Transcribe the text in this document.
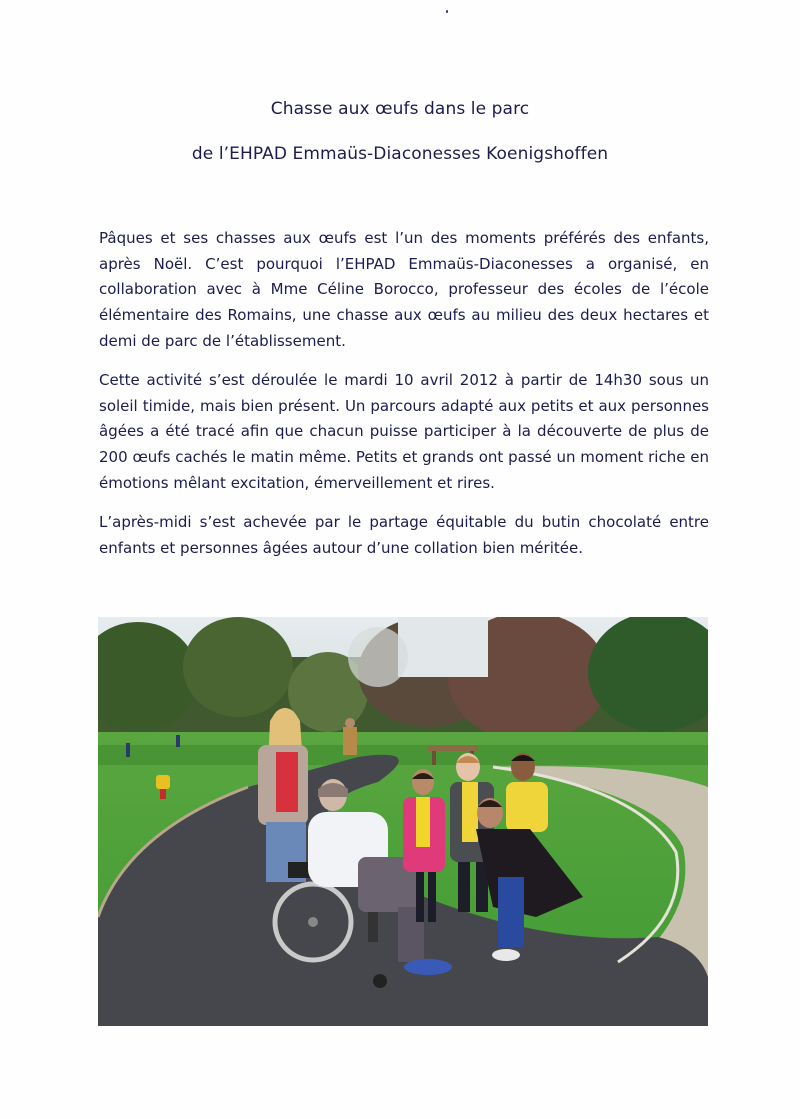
Chasse aux œufs dans le parc
de l’EHPAD Emmaüs-Diaconesses Koenigshoffen

Pâques et ses chasses aux œufs est l’un des moments préférés des enfants, après Noël. C’est pourquoi l’EHPAD Emmaüs-Diaconesses a organisé, en collaboration avec à Mme Céline Borocco, professeur des écoles de l’école élémentaire des Romains, une chasse aux œufs au milieu des deux hectares et demi de parc de l’établissement.

Cette activité s’est déroulée le mardi 10 avril 2012 à partir de 14h30 sous un soleil timide, mais bien présent. Un parcours adapté aux petits et aux personnes âgées a été tracé afin que chacun puisse participer à la découverte de plus de 200 œufs cachés le matin même. Petits et grands ont passé un moment riche en émotions mêlant excitation, émerveillement et rires.

L’après-midi s’est achevée par le partage équitable du butin chocolaté entre enfants et personnes âgées autour d’une collation bien méritée.
